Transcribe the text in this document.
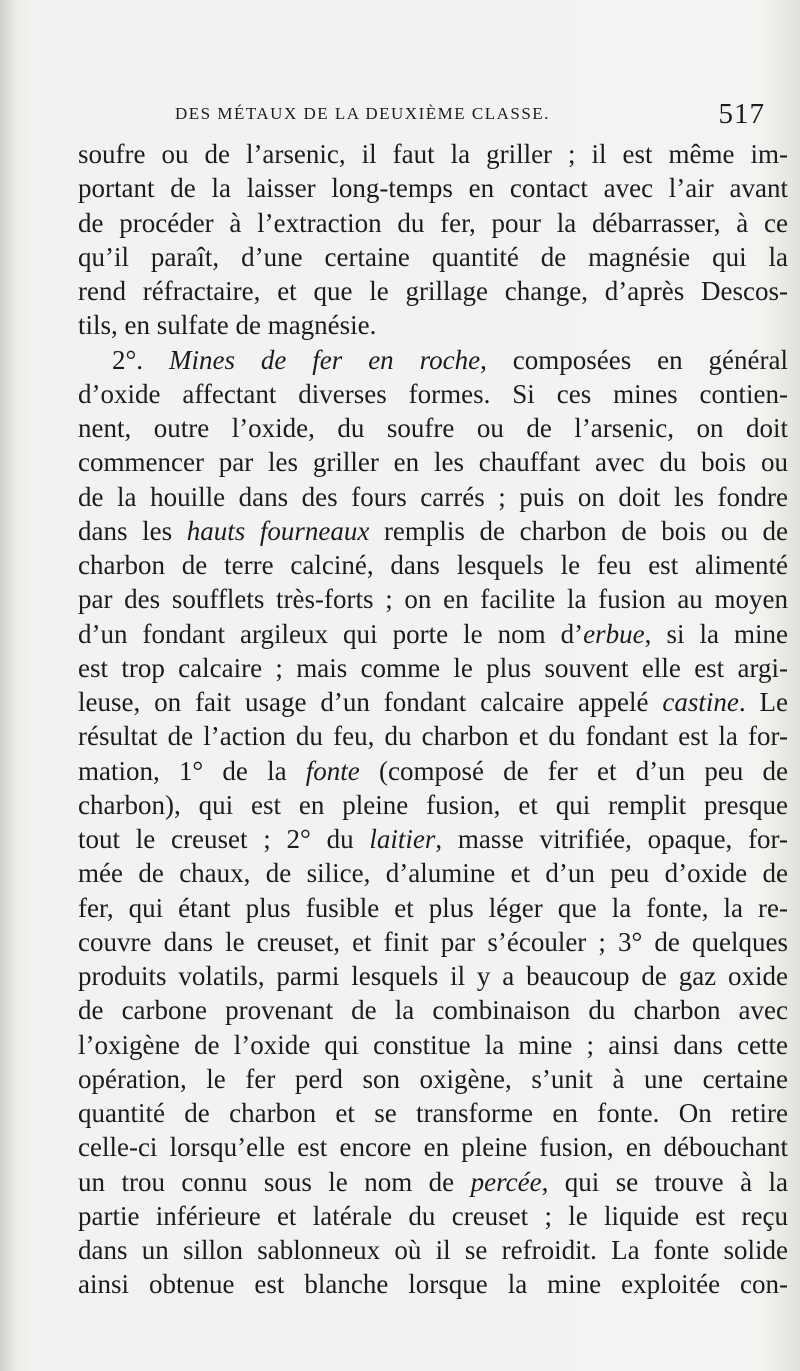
DES MÉTAUX DE LA DEUXIÈME CLASSE.	517
soufre ou de l’arsenic, il faut la griller ; il est même im-
portant de la laisser long-temps en contact avec l’air avant
de procéder à l’extraction du fer, pour la débarrasser, à ce
qu’il paraît, d’une certaine quantité de magnésie qui la
rend réfractaire, et que le grillage change, d’après Descos-
tils, en sulfate de magnésie.
2°. Mines de fer en roche, composées en général
d’oxide affectant diverses formes. Si ces mines contien-
nent, outre l’oxide, du soufre ou de l’arsenic, on doit
commencer par les griller en les chauffant avec du bois ou
de la houille dans des fours carrés ; puis on doit les fondre
dans les hauts fourneaux remplis de charbon de bois ou de
charbon de terre calciné, dans lesquels le feu est alimenté
par des soufflets très-forts ; on en facilite la fusion au moyen
d’un fondant argileux qui porte le nom d’erbue, si la mine
est trop calcaire ; mais comme le plus souvent elle est argi-
leuse, on fait usage d’un fondant calcaire appelé castine. Le
résultat de l’action du feu, du charbon et du fondant est la for-
mation, 1° de la fonte (composé de fer et d’un peu de
charbon), qui est en pleine fusion, et qui remplit presque
tout le creuset ; 2° du laitier, masse vitrifiée, opaque, for-
mée de chaux, de silice, d’alumine et d’un peu d’oxide de
fer, qui étant plus fusible et plus léger que la fonte, la re-
couvre dans le creuset, et finit par s’écouler ; 3° de quelques
produits volatils, parmi lesquels il y a beaucoup de gaz oxide
de carbone provenant de la combinaison du charbon avec
l’oxigène de l’oxide qui constitue la mine ; ainsi dans cette
opération, le fer perd son oxigène, s’unit à une certaine
quantité de charbon et se transforme en fonte. On retire
celle-ci lorsqu’elle est encore en pleine fusion, en débouchant
un trou connu sous le nom de percée, qui se trouve à la
partie inférieure et latérale du creuset ; le liquide est reçu
dans un sillon sablonneux où il se refroidit. La fonte solide
ainsi obtenue est blanche lorsque la mine exploitée con-
